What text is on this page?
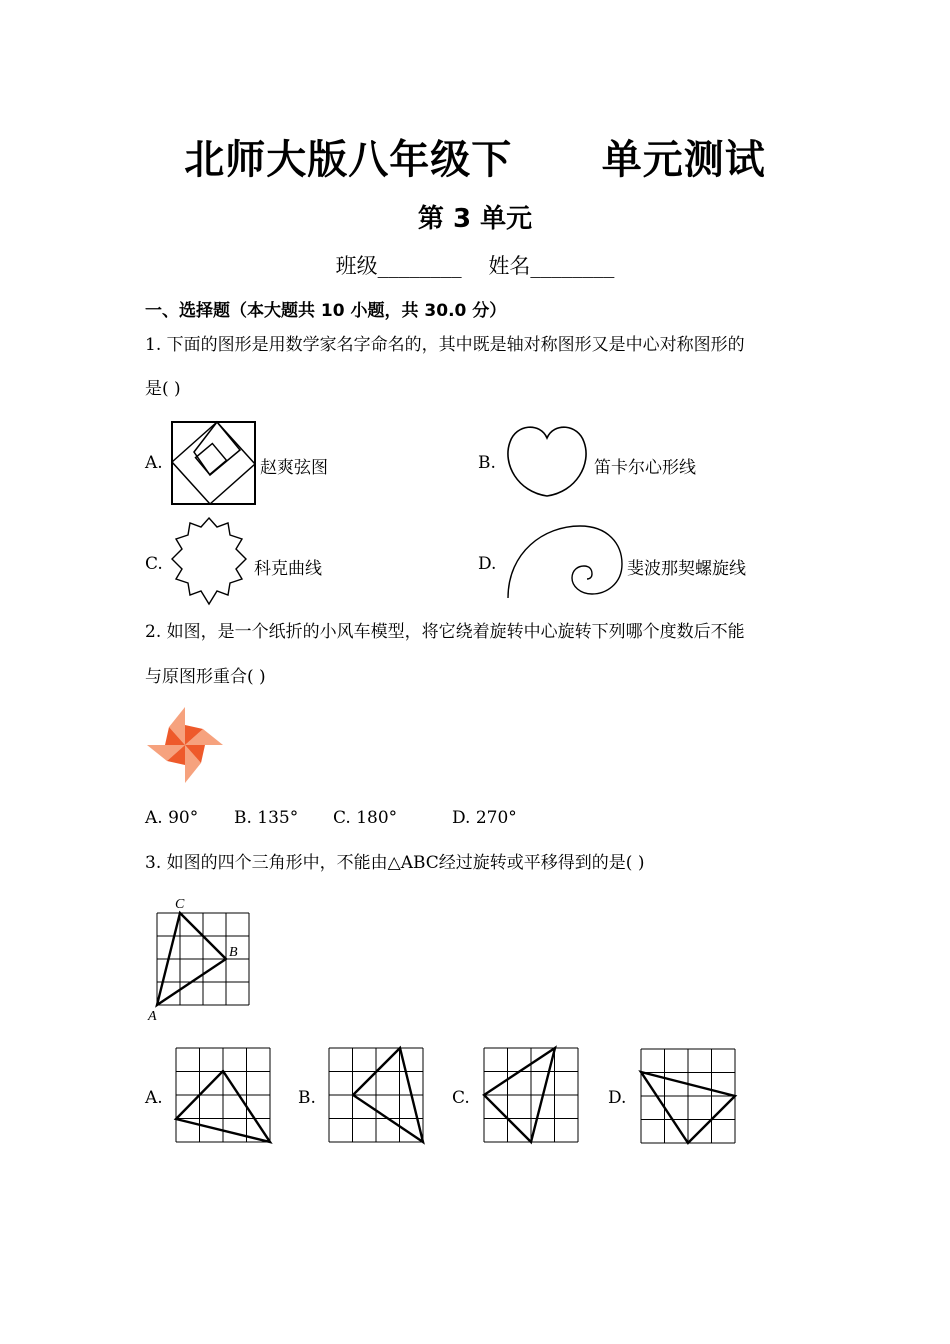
北师大版八年级下      单元测试
第 3 单元
班级________    姓名________
一、选择题（本大题共 10 小题，共 30.0 分）
1. 下面的图形是用数学家名字命名的，其中既是轴对称图形又是中心对称图形的
是( )
A.	赵爽弦图	B.	笛卡尔心形线
C.	科克曲线	D.	斐波那契螺旋线
2. 如图，是一个纸折的小风车模型，将它绕着旋转中心旋转下列哪个度数后不能
与原图形重合( )
A. 90° B. 135° C. 180°	D. 270°
3. 如图的四个三角形中，不能由△ABC经过旋转或平移得到的是( )
A
C
B
A.	B.	C.	D.
